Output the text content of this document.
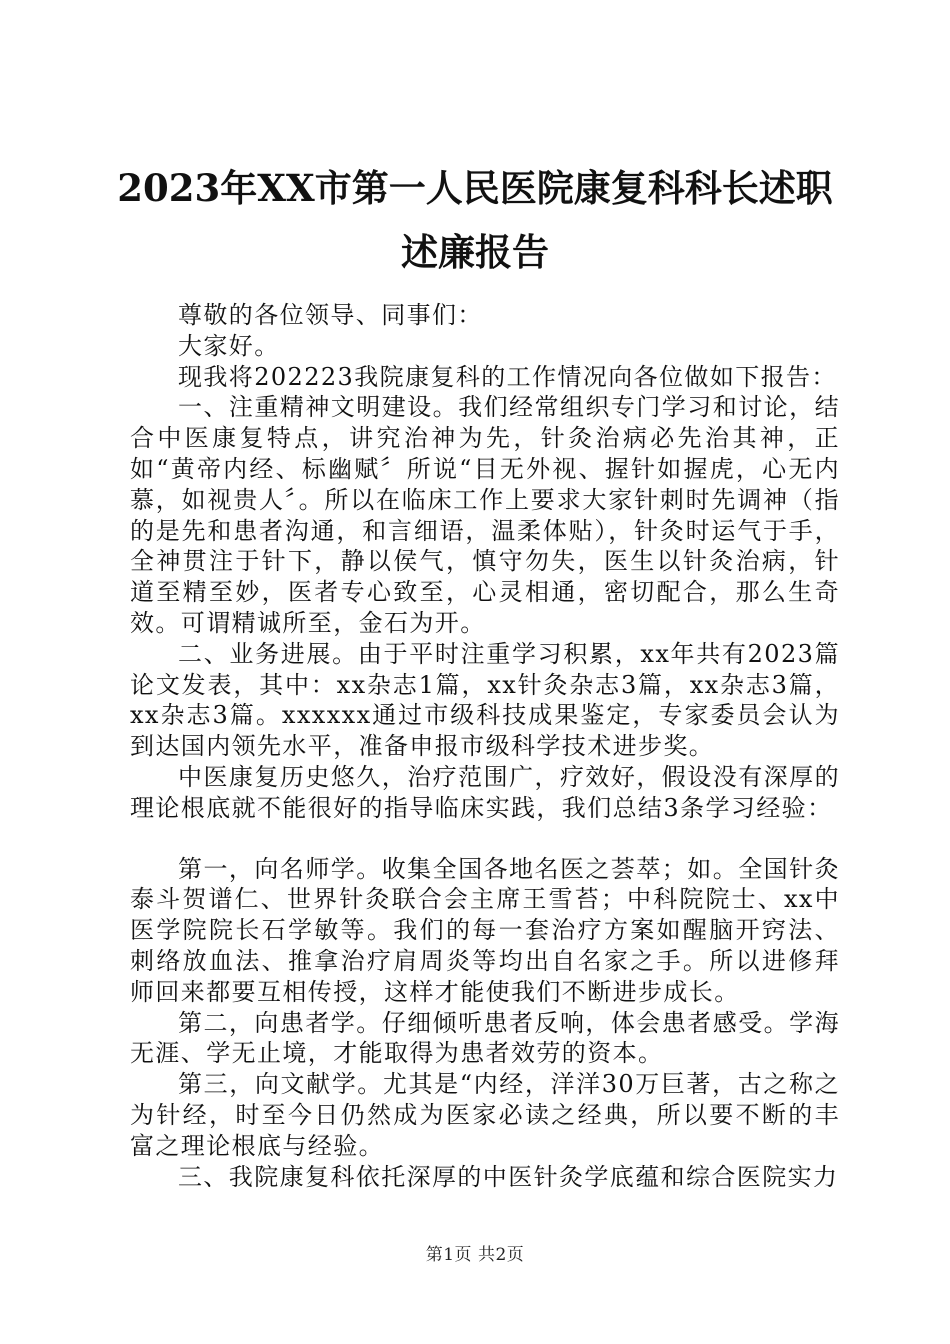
2023年XX市第一人民医院康复科科长述职述廉报告

尊敬的各位领导、同事们：

大家好。

现我将202223我院康复科的工作情况向各位做如下报告：

一、注重精神文明建设。我们经常组织专门学习和讨论，结合中医康复特点，讲究治神为先，针灸治病必先治其神，正如“黄帝内经、标幽赋〞所说“目无外视、握针如握虎，心无内慕，如视贵人〞。所以在临床工作上要求大家针刺时先调神（指的是先和患者沟通，和言细语，温柔体贴），针灸时运气于手，全神贯注于针下，静以侯气，慎守勿失，医生以针灸治病，针道至精至妙，医者专心致至，心灵相通，密切配合，那么生奇效。可谓精诚所至，金石为开。

二、业务进展。由于平时注重学习积累，xx年共有2023篇论文发表，其中：xx杂志1篇，xx针灸杂志3篇，xx杂志3篇，xx杂志3篇。xxxxxx通过市级科技成果鉴定，专家委员会认为到达国内领先水平，准备申报市级科学技术进步奖。

中医康复历史悠久，治疗范围广，疗效好，假设没有深厚的理论根底就不能很好的指导临床实践，我们总结3条学习经验：

第一，向名师学。收集全国各地名医之荟萃；如。全国针灸泰斗贺谱仁、世界针灸联合会主席王雪苔；中科院院士、xx中医学院院长石学敏等。我们的每一套治疗方案如醒脑开窍法、刺络放血法、推拿治疗肩周炎等均出自名家之手。所以进修拜师回来都要互相传授，这样才能使我们不断进步成长。

第二，向患者学。仔细倾听患者反响，体会患者感受。学海无涯、学无止境，才能取得为患者效劳的资本。

第三，向文献学。尤其是“内经，洋洋30万巨著，古之称之为针经，时至今日仍然成为医家必读之经典，所以要不断的丰富之理论根底与经验。

三、我院康复科依托深厚的中医针灸学底蕴和综合医院实力

第1页 共2页
